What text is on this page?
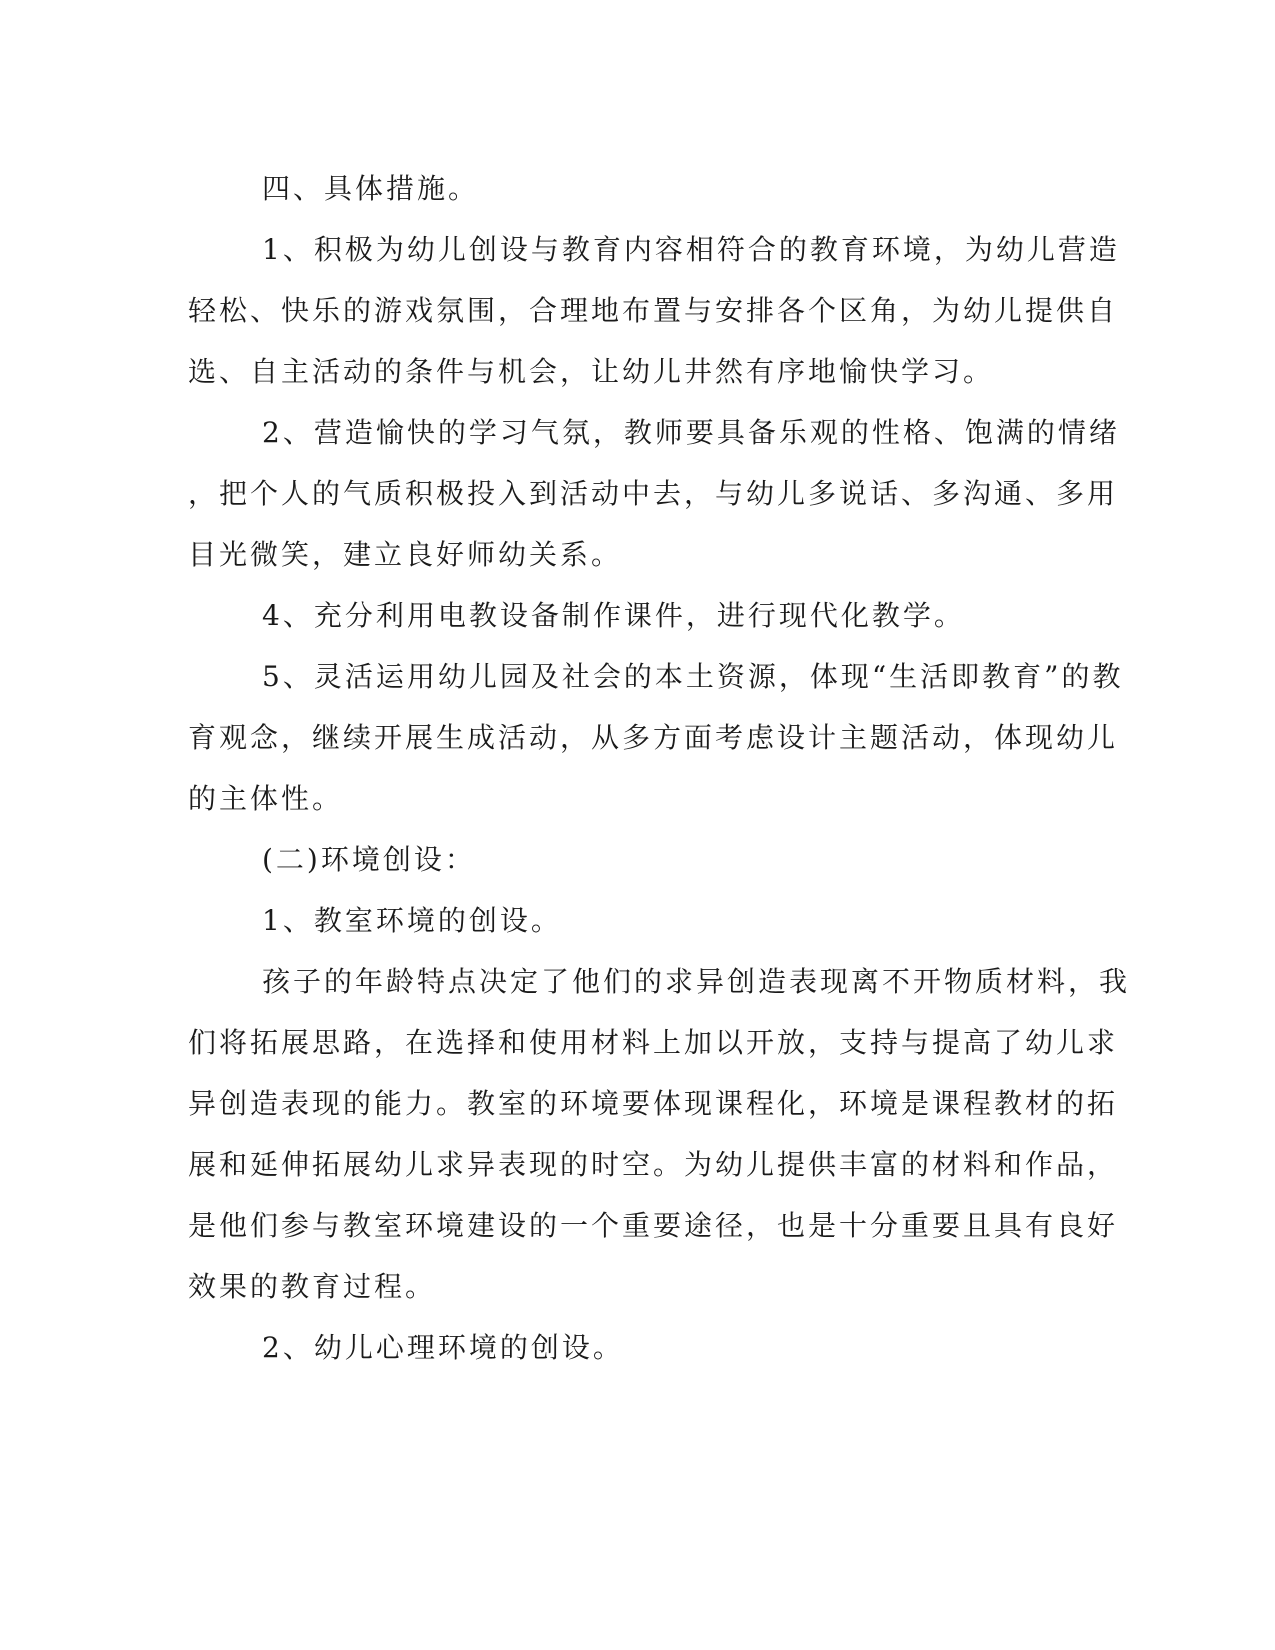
四、具体措施。

1、积极为幼儿创设与教育内容相符合的教育环境，为幼儿营造
轻松、快乐的游戏氛围，合理地布置与安排各个区角，为幼儿提供自
选、自主活动的条件与机会，让幼儿井然有序地愉快学习。

2、营造愉快的学习气氛，教师要具备乐观的性格、饱满的情绪
，把个人的气质积极投入到活动中去，与幼儿多说话、多沟通、多用
目光微笑，建立良好师幼关系。

4、充分利用电教设备制作课件，进行现代化教学。

5、灵活运用幼儿园及社会的本土资源，体现“生活即教育”的教
育观念，继续开展生成活动，从多方面考虑设计主题活动，体现幼儿
的主体性。

(二)环境创设：

1、教室环境的创设。

孩子的年龄特点决定了他们的求异创造表现离不开物质材料，我
们将拓展思路，在选择和使用材料上加以开放，支持与提高了幼儿求
异创造表现的能力。教室的环境要体现课程化，环境是课程教材的拓
展和延伸拓展幼儿求异表现的时空。为幼儿提供丰富的材料和作品，
是他们参与教室环境建设的一个重要途径，也是十分重要且具有良好
效果的教育过程。

2、幼儿心理环境的创设。
